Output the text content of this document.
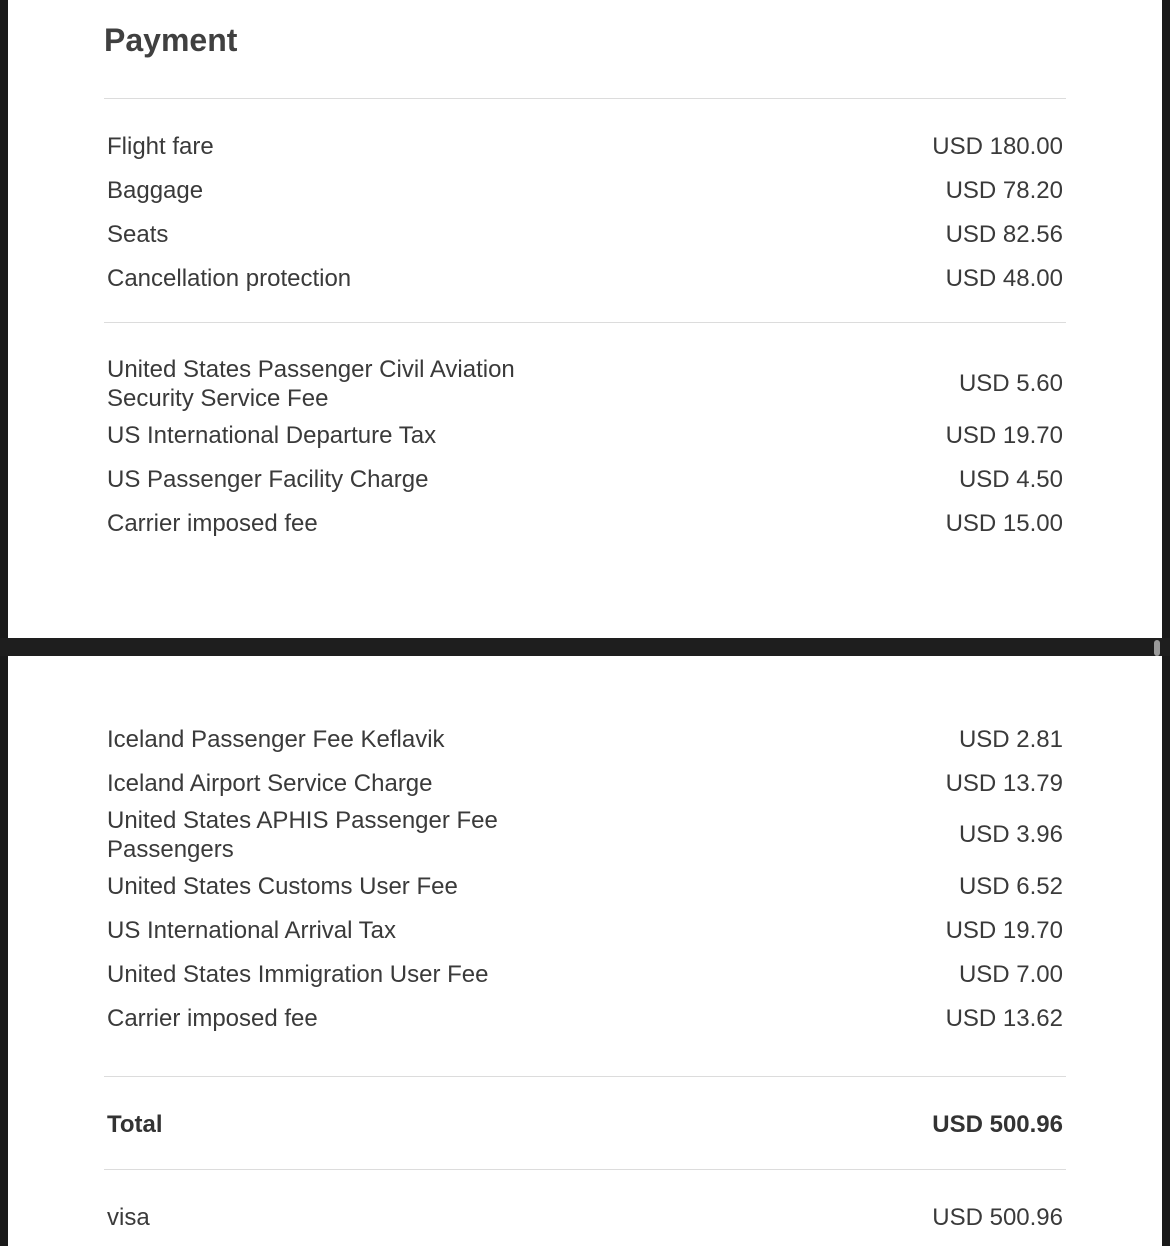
Payment
Flight fare	USD 180.00
Baggage	USD 78.20
Seats	USD 82.56
Cancellation protection	USD 48.00
United States Passenger Civil Aviation
Security Service Fee
USD 5.60
US International Departure Tax	USD 19.70
US Passenger Facility Charge	USD 4.50
Carrier imposed fee	USD 15.00
Iceland Passenger Fee Keflavik	USD 2.81
Iceland Airport Service Charge	USD 13.79
United States APHIS Passenger Fee
Passengers
USD 3.96
United States Customs User Fee	USD 6.52
US International Arrival Tax	USD 19.70
United States Immigration User Fee	USD 7.00
Carrier imposed fee	USD 13.62
Total	USD 500.96
visa	USD 500.96
